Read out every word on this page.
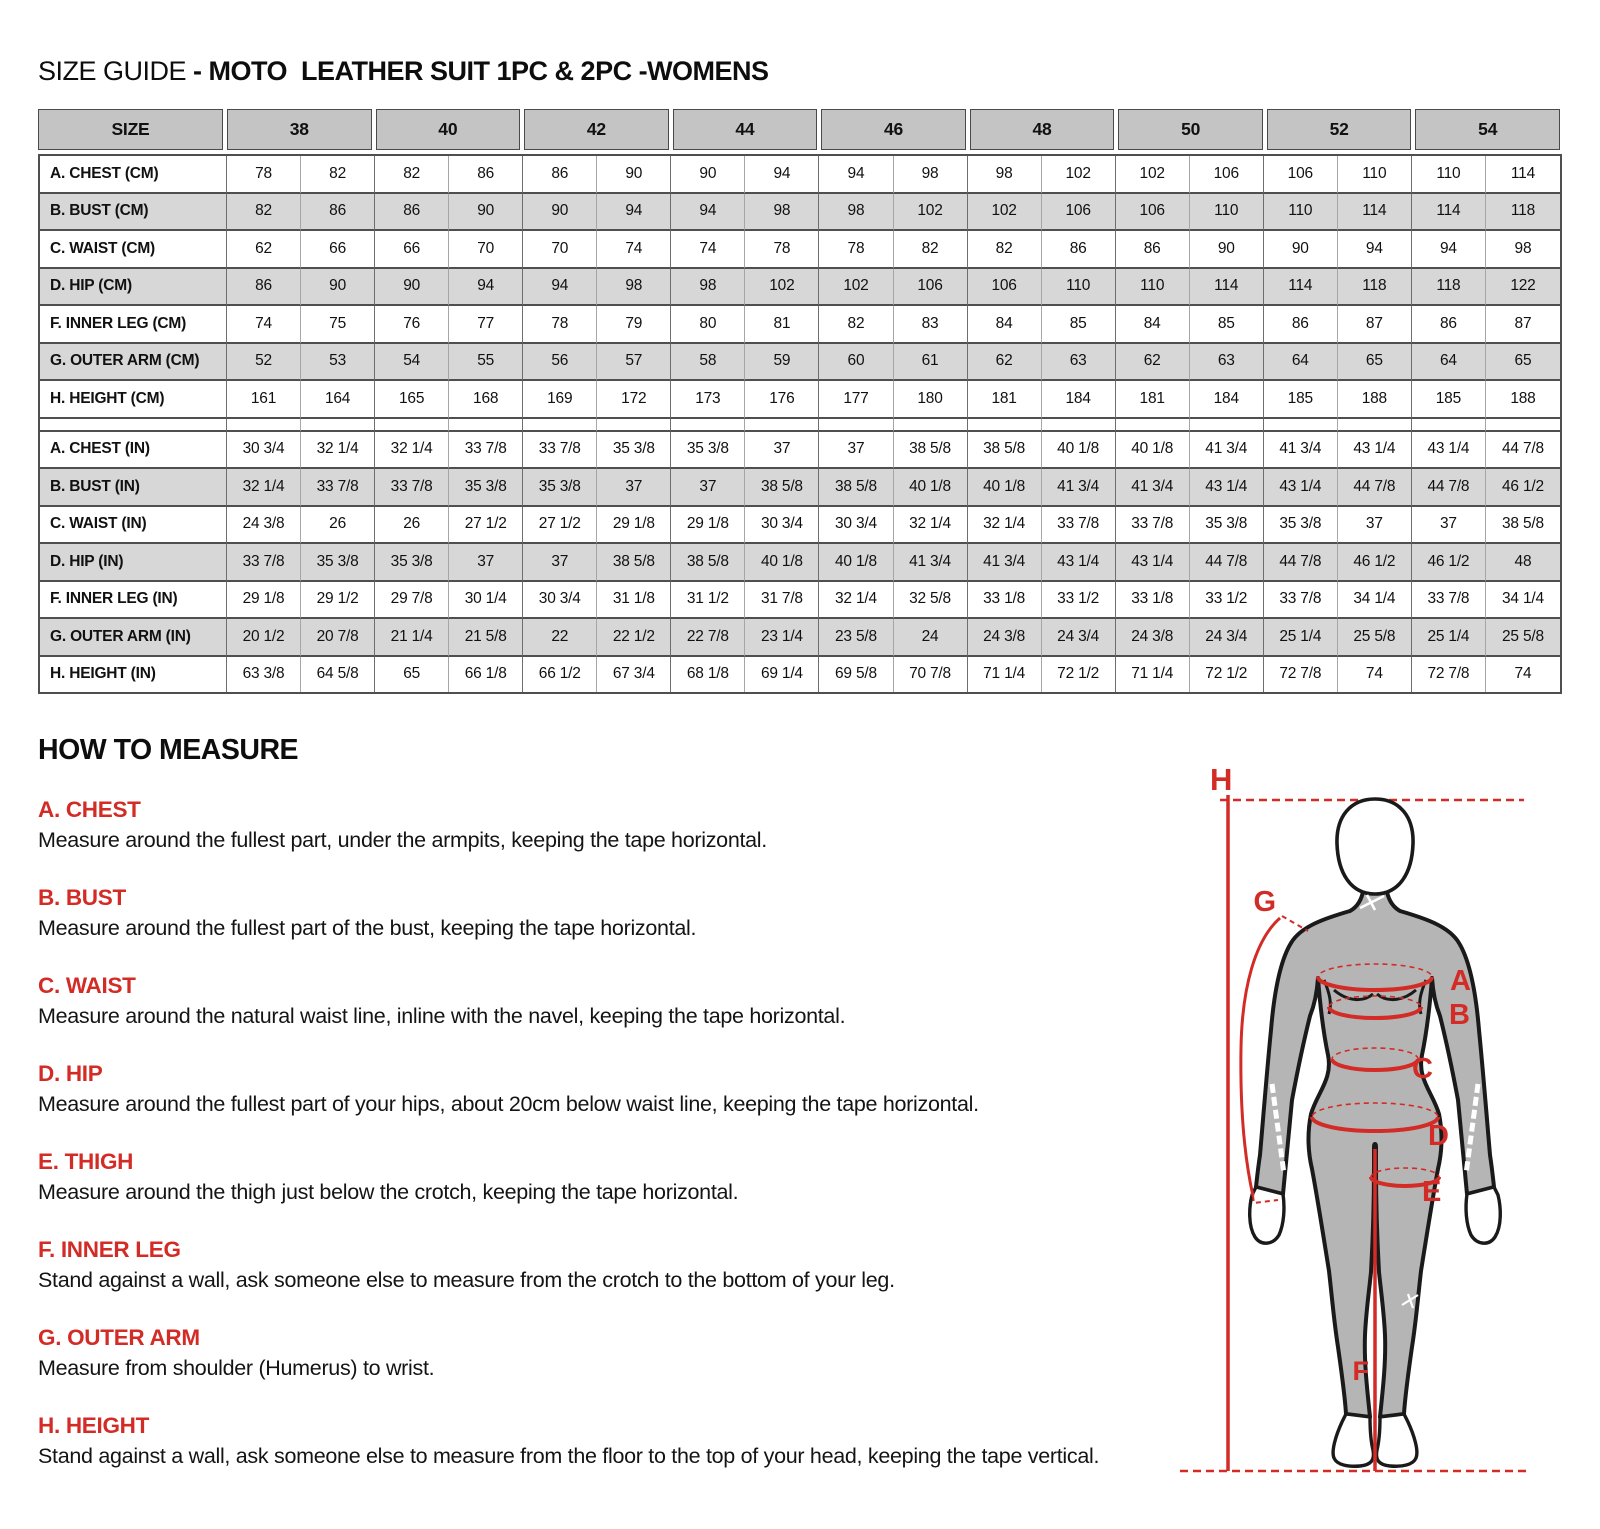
SIZE GUIDE - MOTO  LEATHER SUIT 1PC & 2PC -WOMENS
SIZE	38	40	42	44	46	48	50	52	54
A. CHEST (CM)	78	82	82	86	86	90	90	94	94	98	98	102	102	106	106	110	110	114
B. BUST (CM)	82	86	86	90	90	94	94	98	98	102	102	106	106	110	110	114	114	118
C. WAIST (CM)	62	66	66	70	70	74	74	78	78	82	82	86	86	90	90	94	94	98
D. HIP (CM)	86	90	90	94	94	98	98	102	102	106	106	110	110	114	114	118	118	122
F. INNER LEG (CM)	74	75	76	77	78	79	80	81	82	83	84	85	84	85	86	87	86	87
G. OUTER ARM (CM)	52	53	54	55	56	57	58	59	60	61	62	63	62	63	64	65	64	65
H. HEIGHT (CM)	161	164	165	168	169	172	173	176	177	180	181	184	181	184	185	188	185	188
A. CHEST (IN)	30 3/4	32 1/4	32 1/4	33 7/8	33 7/8	35 3/8	35 3/8	37	37	38 5/8	38 5/8	40 1/8	40 1/8	41 3/4	41 3/4	43 1/4	43 1/4	44 7/8
B. BUST (IN)	32 1/4	33 7/8	33 7/8	35 3/8	35 3/8	37	37	38 5/8	38 5/8	40 1/8	40 1/8	41 3/4	41 3/4	43 1/4	43 1/4	44 7/8	44 7/8	46 1/2
C. WAIST (IN)	24 3/8	26	26	27 1/2	27 1/2	29 1/8	29 1/8	30 3/4	30 3/4	32 1/4	32 1/4	33 7/8	33 7/8	35 3/8	35 3/8	37	37	38 5/8
D. HIP (IN)	33 7/8	35 3/8	35 3/8	37	37	38 5/8	38 5/8	40 1/8	40 1/8	41 3/4	41 3/4	43 1/4	43 1/4	44 7/8	44 7/8	46 1/2	46 1/2	48
F. INNER LEG (IN)	29 1/8	29 1/2	29 7/8	30 1/4	30 3/4	31 1/8	31 1/2	31 7/8	32 1/4	32 5/8	33 1/8	33 1/2	33 1/8	33 1/2	33 7/8	34 1/4	33 7/8	34 1/4
G. OUTER ARM (IN)	20 1/2	20 7/8	21 1/4	21 5/8	22	22 1/2	22 7/8	23 1/4	23 5/8	24	24 3/8	24 3/4	24 3/8	24 3/4	25 1/4	25 5/8	25 1/4	25 5/8
H. HEIGHT (IN)	63 3/8	64 5/8	65	66 1/8	66 1/2	67 3/4	68 1/8	69 1/4	69 5/8	70 7/8	71 1/4	72 1/2	71 1/4	72 1/2	72 7/8	74	72 7/8	74
HOW TO MEASURE
A. CHEST

Measure around the fullest part, under the armpits, keeping the tape horizontal.

B. BUST

Measure around the fullest part of the bust, keeping the tape horizontal.

C. WAIST

Measure around the natural waist line, inline with the navel, keeping the tape horizontal.

D. HIP

Measure around the fullest part of your hips, about 20cm below waist line, keeping the tape horizontal.

E. THIGH

Measure around the thigh just below the crotch, keeping the tape horizontal.

F. INNER LEG

Stand against a wall, ask someone else to measure from the crotch to the bottom of your leg.

G. OUTER ARM

Measure from shoulder (Humerus) to wrist.

H. HEIGHT

Stand against a wall, ask someone else to measure from the floor to the top of your head, keeping the tape vertical.

H
G
A
B
C
D
E
F
